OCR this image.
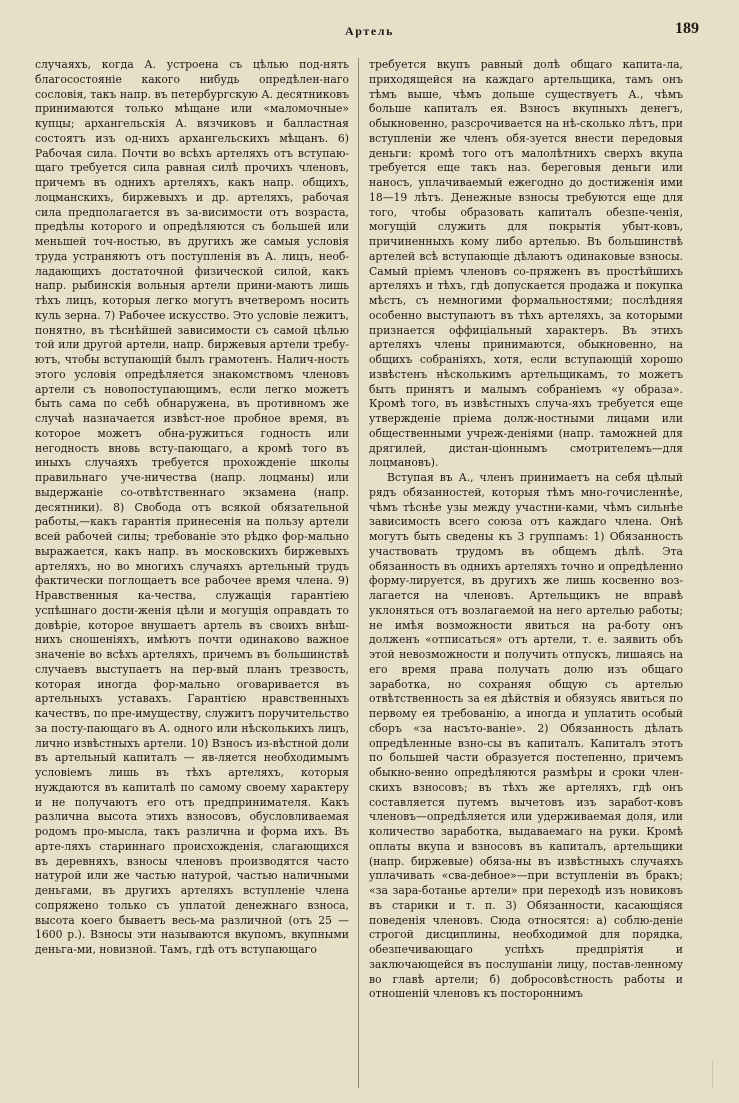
Артель	189

случаяхъ, когда А. устроена съ цѣлью под-нять благосостояніе какого нибудь опредѣлен-наго сословія, такъ напр. въ петербургскую А. десятниковъ принимаются только мѣщане или «маломочные» купцы; архангельскія А. вязчиковъ и балластная состоятъ изъ од-нихъ архангельскихъ мѣщанъ. 6) Рабочая сила. Почти во всѣхъ артеляхъ отъ вступаю-щаго требуется сила равная силѣ прочихъ членовъ, причемъ въ однихъ артеляхъ, какъ напр. общихъ, лоцманскихъ, биржевыхъ и др. артеляхъ, рабочая сила предполагается въ за-висимости отъ возраста, предѣлы которого и опредѣляются съ большей или меньшей точ-ностью, въ другихъ же самыя условія труда устраняютъ отъ поступленія въ А. лицъ, необ-ладающихъ достаточной физической силой, какъ напр. рыбинскія вольныя артели прини-маютъ лишь тѣхъ лицъ, которыя легко могутъ вчетверомъ носить куль зерна. 7) Рабочее искусство. Это условіе лежитъ, понятно, въ тѣснѣйшей зависимости съ самой цѣлью той или другой артели, напр. биржевыя артели требу-ютъ, чтобы вступающій былъ грамотенъ. Налич-ность этого условія опредѣляется знакомствомъ членовъ артели съ новопоступающимъ, если легко можетъ быть сама по себѣ обнаружена, въ противномъ же случаѣ назначается извѣст-ное пробное время, въ которое можетъ обна-ружиться годность или негодность вновь всту-пающаго, а кромѣ того въ иныхъ случаяхъ требуется прохожденіе школы правильнаго уче-ничества (напр. лоцманы) или выдержаніе со-отвѣтственнаго экзамена (напр. десятники). 8) Свобода отъ всякой обязательной работы,—какъ гарантія принесенія на пользу артели всей рабочей силы; требованіе это рѣдко фор-мально выражается, какъ напр. въ московскихъ биржевыхъ артеляхъ, но во многихъ случаяхъ артельный трудъ фактически поглощаетъ все рабочее время члена. 9) Нравственныя ка-чества, служащія гарантіею успѣшнаго дости-женія цѣли и могущія оправдать то довѣріе, которое внушаетъ артель въ своихъ внѣш-нихъ сношеніяхъ, имѣютъ почти одинаково важное значеніе во всѣхъ артеляхъ, причемъ въ большинствѣ случаевъ выступаетъ на пер-вый планъ трезвость, которая иногда фор-мально оговаривается въ артельныхъ уставахъ. Гарантією нравственныхъ качествъ, по пре-имуществу, служитъ поручительство за посту-пающаго въ А. одного или нѣсколькихъ лицъ, лично извѣстныхъ артели. 10) Взносъ из-вѣстной доли въ артельный капиталъ — яв-ляется необходимымъ условіемъ лишь въ тѣхъ артеляхъ, которыя нуждаются въ капиталѣ по самому своему характеру и не получаютъ его отъ предпринимателя. Какъ различна высота этихъ взносовъ, обусловливаемая родомъ про-мысла, такъ различна и форма ихъ. Въ арте-ляхъ стариннаго происхожденія, слагающихся въ деревняхъ, взносы членовъ производятся часто натурой или же частью натурой, частью наличными деньгами, въ другихъ артеляхъ вступленіе члена сопряжено только съ уплатой денежнаго взноса, высота коего бываетъ весь-ма различной (отъ 25 — 1600 р.). Взносы эти называются вкупомъ, вкупными деньга-ми, новизной. Тамъ, гдѣ отъ вступающаго

требуется вкупъ равный долѣ общаго капита-ла, приходящейся на каждаго артельщика, тамъ онъ тѣмъ выше, чѣмъ дольше существуетъ А., чѣмъ больше капиталъ ея. Взносъ вкупныхъ денегъ, обыкновенно, разсрочивается на нѣ-сколько лѣтъ, при вступленіи же членъ обя-зуется внести передовыя деньги: кромѣ того отъ малолѣтнихъ сверхъ вкупа требуется еще такъ наз. береговыя деньги или наносъ, уплачиваемый ежегодно до достиженія ими 18—19 лѣтъ. Денежные взносы требуются еще для того, чтобы образовать капиталъ обезпе-ченія, могущій служить для покрытія убыт-ковъ, причиненныхъ кому либо артелью. Въ большинствѣ артелей всѣ вступающіе дѣлаютъ одинаковые взносы. Самый пріемъ членовъ со-пряженъ въ простѣйшихъ артеляхъ и тѣхъ, гдѣ допускается продажа и покупка мѣстъ, съ немногими формальностями; послѣдняя особенно выступаютъ въ тѣхъ артеляхъ, за которыми признается оффиціальный характеръ. Въ этихъ артеляхъ члены принимаются, обыкновенно, на общихъ собраніяхъ, хотя, если вступающій хорошо извѣстенъ нѣсколькимъ артельщикамъ, то можетъ быть принятъ и малымъ собраніемъ «у образа». Кромѣ того, въ извѣстныхъ случа-яхъ требуется еще утвержденіе пріема долж-ностными лицами или общественными учреж-деніями (напр. таможней для дрягилей, дистан-ціоннымъ смотрителемъ—для лоцмановъ).

Вступая въ А., членъ принимаетъ на себя цѣлый рядъ обязанностей, которыя тѣмъ мно-гочисленнѣе, чѣмъ тѣснѣе узы между участни-ками, чѣмъ сильнѣе зависимость всего союза отъ каждаго члена. Онѣ могутъ быть сведены къ 3 группамъ: 1) Обязанность участвовать трудомъ въ общемъ дѣлѣ. Эта обязанность въ однихъ артеляхъ точно и опредѣленно форму-лируется, въ другихъ же лишь косвенно воз-лагается на членовъ. Артельщикъ не вправѣ уклоняться отъ возлагаемой на него артелью работы; не имѣя возможности явиться на ра-боту онъ долженъ «отписаться» отъ артели, т. е. заявить объ этой невозможности и получить отпускъ, лишаясь на его время права получать долю изъ общаго заработка, но сохраняя общую съ артелью отвѣтственность за ея дѣйствія и обязуясь явиться по первому ея требованію, а иногда и уплатить особый сборъ «за насъто-ваніе». 2) Обязанность дѣлать опредѣленные взно-сы въ капиталъ. Капиталъ этотъ по большей части образуется постепенно, причемъ обыкно-венно опредѣляются размѣры и сроки член-скихъ взносовъ; въ тѣхъ же артеляхъ, гдѣ онъ составляется путемъ вычетовъ изъ заработ-ковъ членовъ—опредѣляется или удерживаемая доля, или количество заработка, выдаваемаго на руки. Кромѣ оплаты вкупа и взносовъ въ капиталъ, артельщики (напр. биржевые) обяза-ны въ извѣстныхъ случаяхъ уплачивать «сва-дебное»—при вступленіи въ бракъ; «за зара-ботанье артели» при переходѣ изъ новиковъ въ старики и т. п. 3) Обязанности, касающіяся поведенія членовъ. Сюда относятся: а) соблю-деніе строгой дисциплины, необходимой для порядка, обезпечивающаго успѣхъ предпріятія и заключающейся въ послушаніи лицу, постав-ленному во главѣ артели; б) добросовѣстность работы и отношеній членовъ къ постороннимъ
